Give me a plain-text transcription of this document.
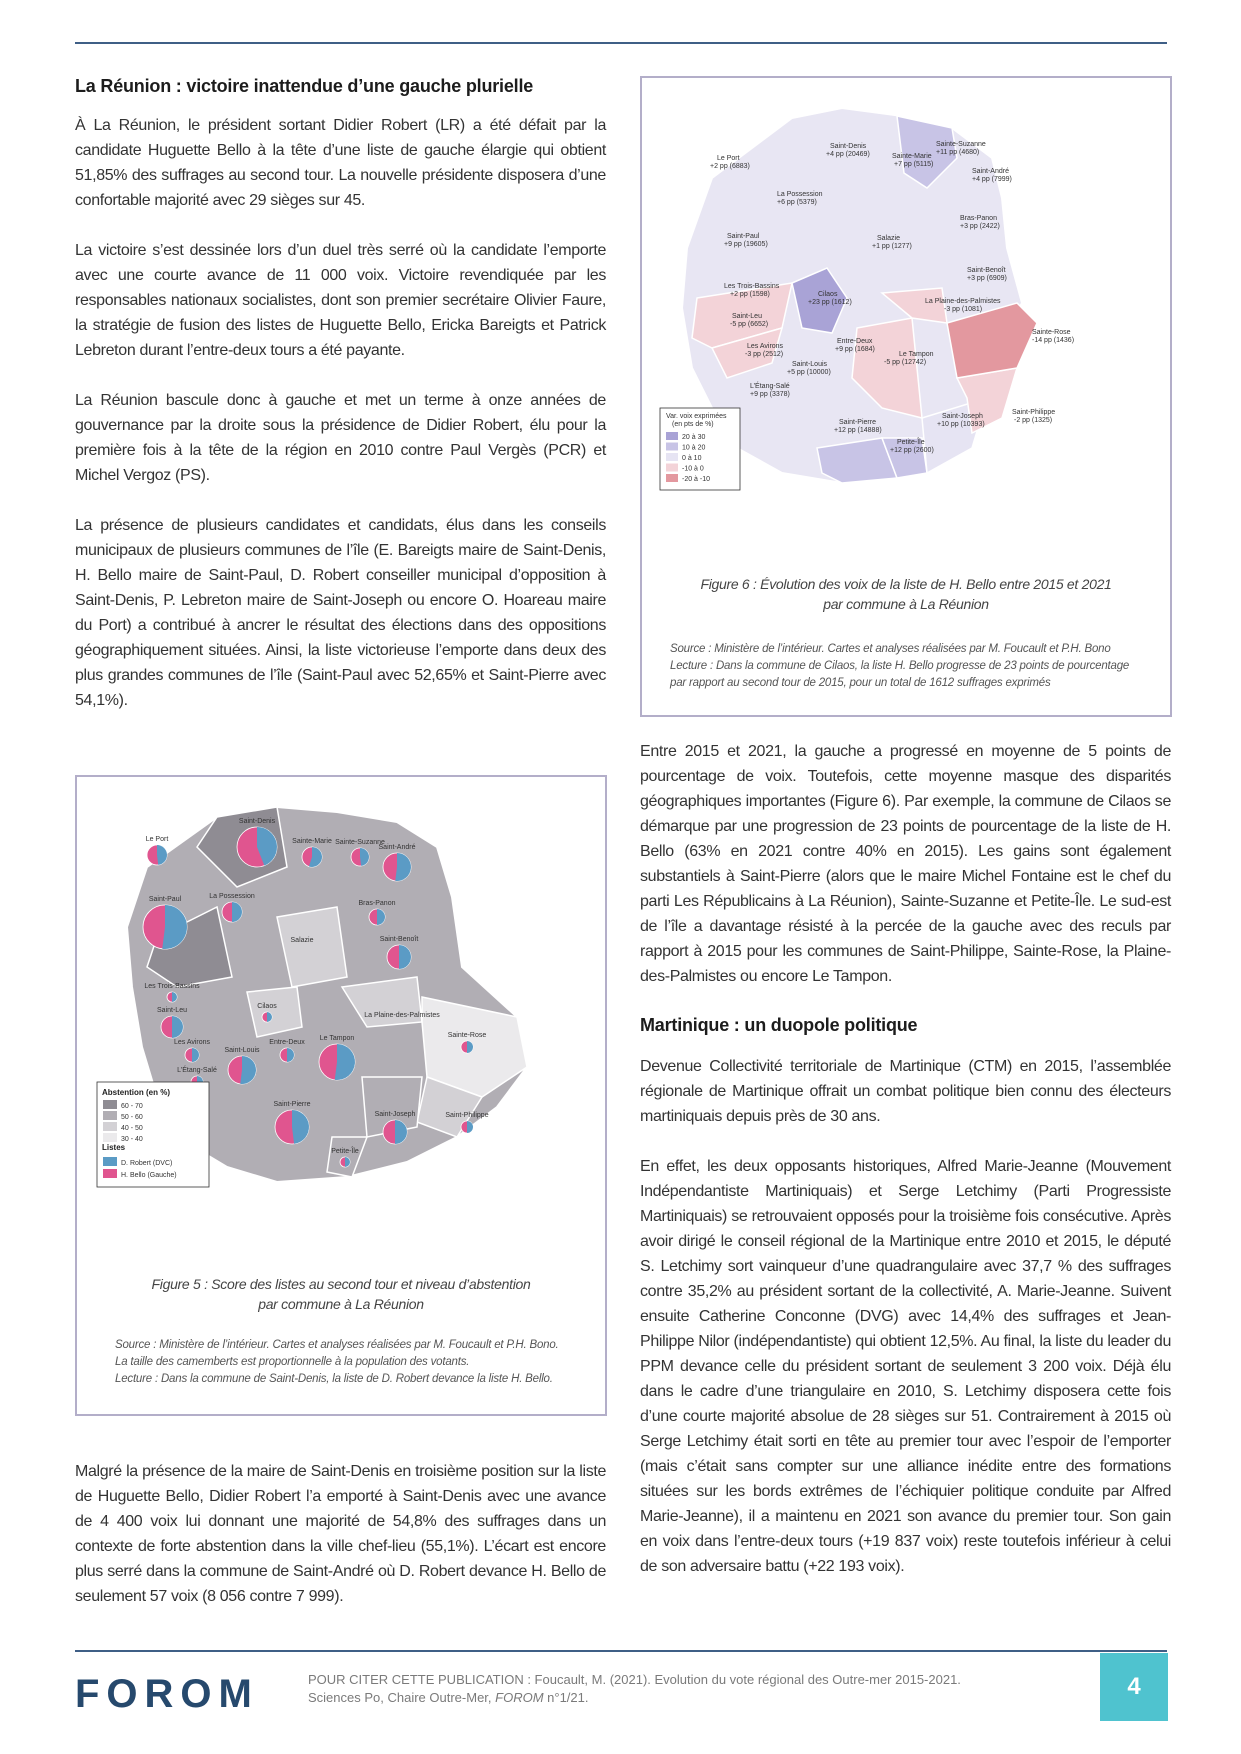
La Réunion : victoire inattendue d’une gauche plurielle

À La Réunion, le président sortant Didier Robert (LR) a été défait par la candidate Huguette Bello à la tête d’une liste de gauche élargie qui obtient 51,85% des suffrages au second tour. La nouvelle présidente disposera d’une confortable majorité avec 29 sièges sur 45.

La victoire s’est dessinée lors d’un duel très serré où la candidate l’emporte avec une courte avance de 11 000 voix. Victoire revendiquée par les responsables nationaux socialistes, dont son premier secrétaire Olivier Faure, la stratégie de fusion des listes de Huguette Bello, Ericka Bareigts et Patrick Lebreton durant l’entre-deux tours a été payante.

La Réunion bascule donc à gauche et met un terme à onze années de gouvernance par la droite sous la présidence de Didier Robert, élu pour la première fois à la tête de la région en 2010 contre Paul Vergès (PCR) et Michel Vergoz (PS).

La présence de plusieurs candidates et candidats, élus dans les conseils municipaux de plusieurs communes de l’île (E. Bareigts maire de Saint-Denis, H. Bello maire de Saint-Paul, D. Robert conseiller municipal d’opposition à Saint-Denis, P. Lebreton maire de Saint-Joseph ou encore O. Hoareau maire du Port) a contribué à ancrer le résultat des élections dans des oppositions géographiquement situées. Ainsi, la liste victorieuse l’emporte dans deux des plus grandes communes de l’île (Saint-Paul avec 52,65% et Saint-Pierre avec 54,1%).

Le Port
+2 pp (6883)
Saint-Denis
+4 pp (20469)	Sainte-Marie
+7 pp (5115)
Sainte-Suzanne
+11 pp (4680)
Saint-André
+4 pp (7999)
La Possession
+6 pp (5379)
Bras-Panon
+3 pp (2422)
Saint-Paul
+9 pp (19605)
Salazie
+1 pp (1277)
Saint-Benoît
+3 pp (6909)
Les Trois-Bassins
+2 pp (1598)	Cilaos
+23 pp (1612)	La Plaine-des-Palmistes
-3 pp (1081)
Saint-Leu
-5 pp (6652)
Sainte-Rose
-14 pp (1436)
Entre-Deux
+9 pp (1684)
Les Avirons
-3 pp (2512)	Le Tampon
-5 pp (12742)
Saint-Louis
+5 pp (10000)
L’Étang-Salé
+9 pp (3378)
Saint-Pierre
+12 pp (14888)
Saint-Joseph
+10 pp (10393)
Saint-Philippe
-2 pp (1325)
Petite-Île
+12 pp (2600)
Var. voix exprimées
(en pts de %)
20 à 30
10 à 20
0 à 10
-10 à 0
-20 à -10
Figure 6 : Évolution des voix de la liste de H. Bello entre 2015 et 2021
par commune à La Réunion
Source : Ministère de l’intérieur. Cartes et analyses réalisées par M. Foucault et P.H. Bono
Lecture : Dans la commune de Cilaos, la liste H. Bello progresse de 23 points de pourcentage
par rapport au second tour de 2015, pour un total de 1612 suffrages exprimés

Entre 2015 et 2021, la gauche a progressé en moyenne de 5 points de pourcentage de voix. Toutefois, cette moyenne masque des disparités géographiques importantes (Figure 6). Par exemple, la commune de Cilaos se démarque par une progression de 23 points de pourcentage de la liste de H. Bello (63% en 2021 contre 40% en 2015). Les gains sont également substantiels à Saint-Pierre (alors que le maire Michel Fontaine est le chef du parti Les Républicains à La Réunion), Sainte-Suzanne et Petite-Île. Le sud-est de l’île a davantage résisté à la percée de la gauche avec des reculs par rapport à 2015 pour les communes de Saint-Philippe, Sainte-Rose, la Plaine-des-Palmistes ou encore Le Tampon.

Martinique : un duopole politique

Devenue Collectivité territoriale de Martinique (CTM) en 2015, l’assemblée régionale de Martinique offrait un combat politique bien connu des électeurs martiniquais depuis près de 30 ans.

En effet, les deux opposants historiques, Alfred Marie-Jeanne (Mouvement Indépendantiste Martiniquais) et Serge Letchimy (Parti Progressiste Martiniquais) se retrouvaient opposés pour la troisième fois consécutive. Après avoir dirigé le conseil régional de la Martinique entre 2010 et 2015, le député S. Letchimy sort vainqueur d’une quadrangulaire avec 37,7 % des suffrages contre 35,2% au président sortant de la collectivité, A. Marie-Jeanne. Suivent ensuite Catherine Conconne (DVG) avec 14,4% des suffrages et Jean-Philippe Nilor (indépendantiste) qui obtient 12,5%. Au final, la liste du leader du PPM devance celle du président sortant de seulement 3 200 voix. Déjà élu dans le cadre d’une triangulaire en 2010, S. Letchimy disposera cette fois d’une courte majorité absolue de 28 sièges sur 51. Contrairement à 2015 où Serge Letchimy était sorti en tête au premier tour avec l’espoir de l’emporter (mais c’était sans compter sur une alliance inédite entre des formations situées sur les bords extrêmes de l’échiquier politique conduite par Alfred Marie-Jeanne), il a maintenu en 2021 son avance du premier tour. Son gain en voix dans l’entre-deux tours (+19 837 voix) reste toutefois inférieur à celui de son adversaire battu (+22 193 voix).

Saint-Denis
Le Port	Sainte-Marie
Saint-André
Sainte-Suzanne
La Possession
Saint-Paul
Bras-Panon
Salazie	Saint-Benoît
Les Trois-Bassins
Cilaos
La Plaine-des-Palmistes
Saint-Leu
Sainte-Rose
Les Avirons	Entre-Deux
Le Tampon
Saint-Louis
L’Étang-Salé
Saint-Pierre
Saint-Joseph	Saint-Philippe
Petite-Île
Abstention (en %)
60 - 70
50 - 60
40 - 50
30 - 40
Listes
D. Robert (DVC)
H. Bello (Gauche)
Figure 5 : Score des listes au second tour et niveau d’abstention
par commune à La Réunion
Source : Ministère de l’intérieur. Cartes et analyses réalisées par M. Foucault et P.H. Bono.
La taille des camemberts est proportionnelle à la population des votants.
Lecture : Dans la commune de Saint-Denis, la liste de D. Robert devance la liste H. Bello.

Malgré la présence de la maire de Saint-Denis en troisième position sur la liste de Huguette Bello, Didier Robert l’a emporté à Saint-Denis avec une avance de 4 400 voix lui donnant une majorité de 54,8% des suffrages dans un contexte de forte abstention dans la ville chef-lieu (55,1%). L’écart est encore plus serré dans la commune de Saint-André où D. Robert devance H. Bello de seulement 57 voix (8 056 contre 7 999).

FOROM	POUR CITER CETTE PUBLICATION : Foucault, M. (2021). Evolution du vote régional des Outre-mer 2015-2021.
Sciences Po, Chaire Outre-Mer, FOROM n°1/21.	4
